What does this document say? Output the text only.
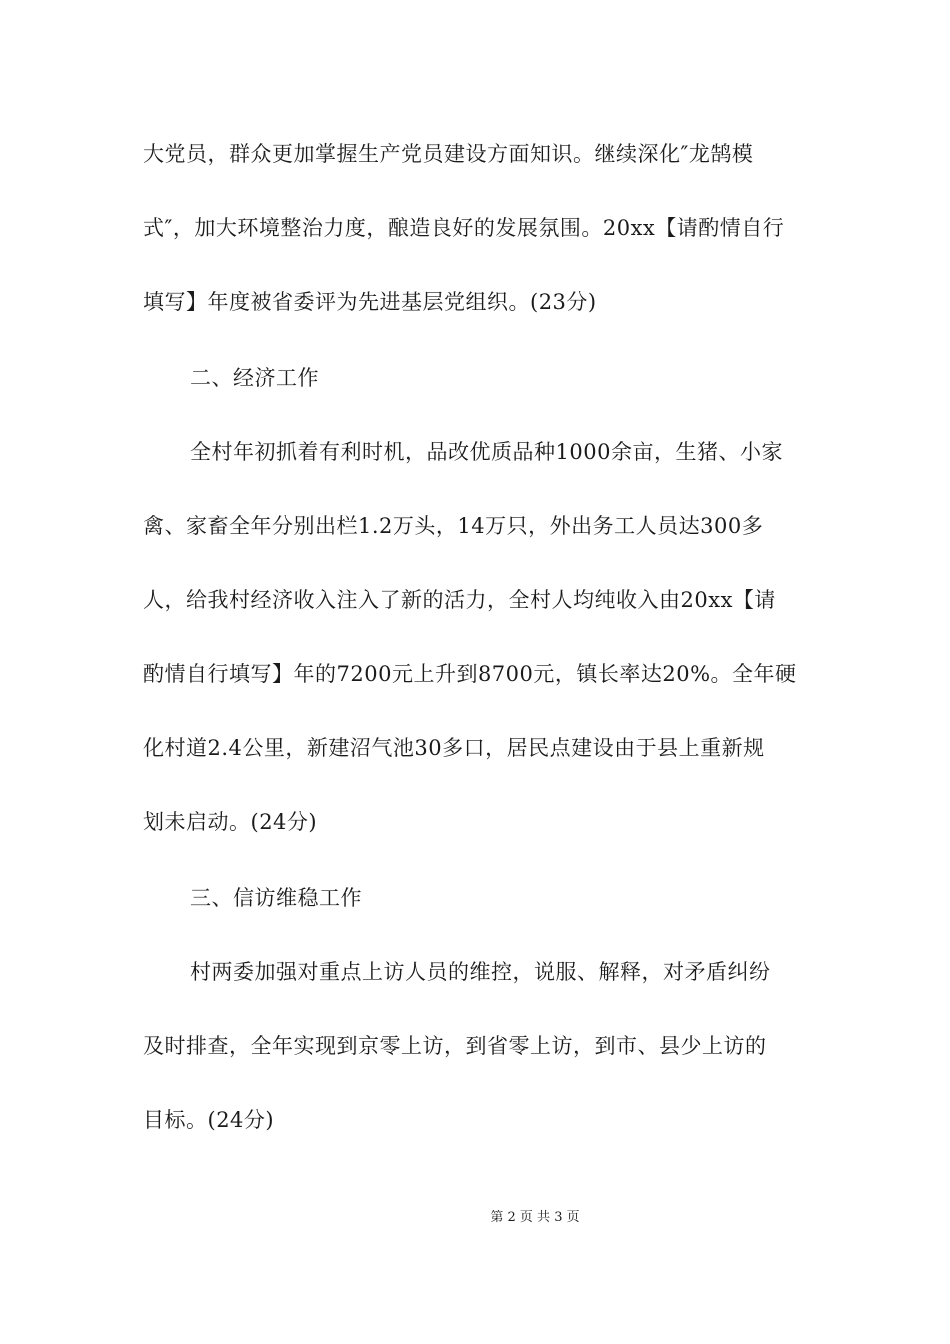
大党员，群众更加掌握生产党员建设方面知识。继续深化″龙鹄模
式″，加大环境整治力度，酿造良好的发展氛围。20xx【请酌情自行
填写】年度被省委评为先进基层党组织。(23分)
二、经济工作
全村年初抓着有利时机，品改优质品种1000余亩，生猪、小家
禽、家畜全年分别出栏1.2万头，14万只，外出务工人员达300多
人，给我村经济收入注入了新的活力，全村人均纯收入由20xx【请
酌情自行填写】年的7200元上升到8700元，镇长率达20%。全年硬
化村道2.4公里，新建沼气池30多口，居民点建设由于县上重新规
划未启动。(24分)
三、信访维稳工作
村两委加强对重点上访人员的维控，说服、解释，对矛盾纠纷
及时排查，全年实现到京零上访，到省零上访，到市、县少上访的
目标。(24分)
第 2 页 共 3 页
